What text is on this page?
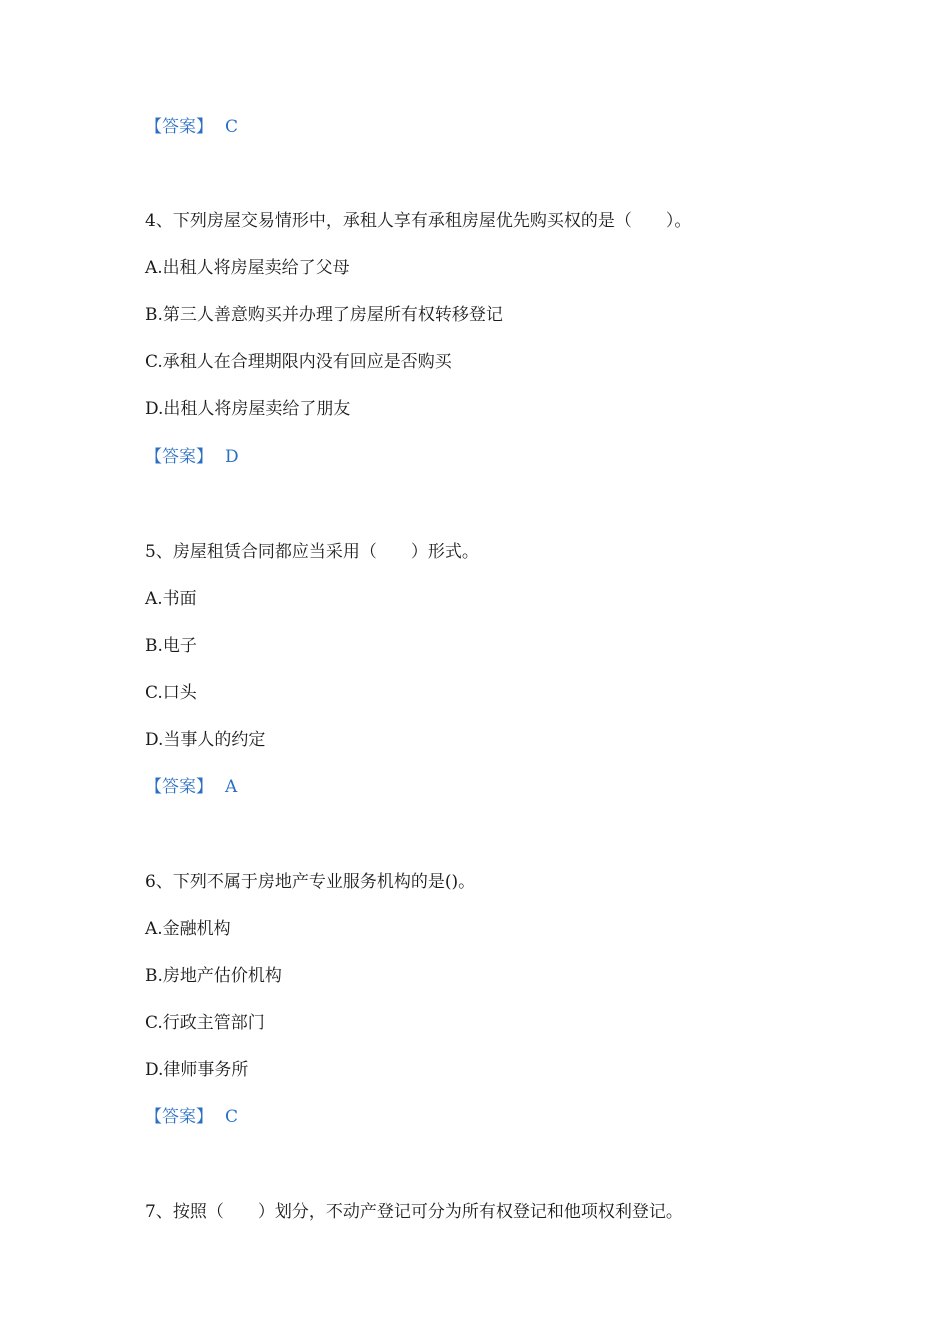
【答案】 C
4、下列房屋交易情形中，承租人享有承租房屋优先购买权的是（　　）。
A.出租人将房屋卖给了父母
B.第三人善意购买并办理了房屋所有权转移登记
C.承租人在合理期限内没有回应是否购买
D.出租人将房屋卖给了朋友
【答案】 D
5、房屋租赁合同都应当采用（　　）形式。
A.书面
B.电子
C.口头
D.当事人的约定
【答案】 A
6、下列不属于房地产专业服务机构的是()。
A.金融机构
B.房地产估价机构
C.行政主管部门
D.律师事务所
【答案】 C
7、按照（　　）划分，不动产登记可分为所有权登记和他项权利登记。
